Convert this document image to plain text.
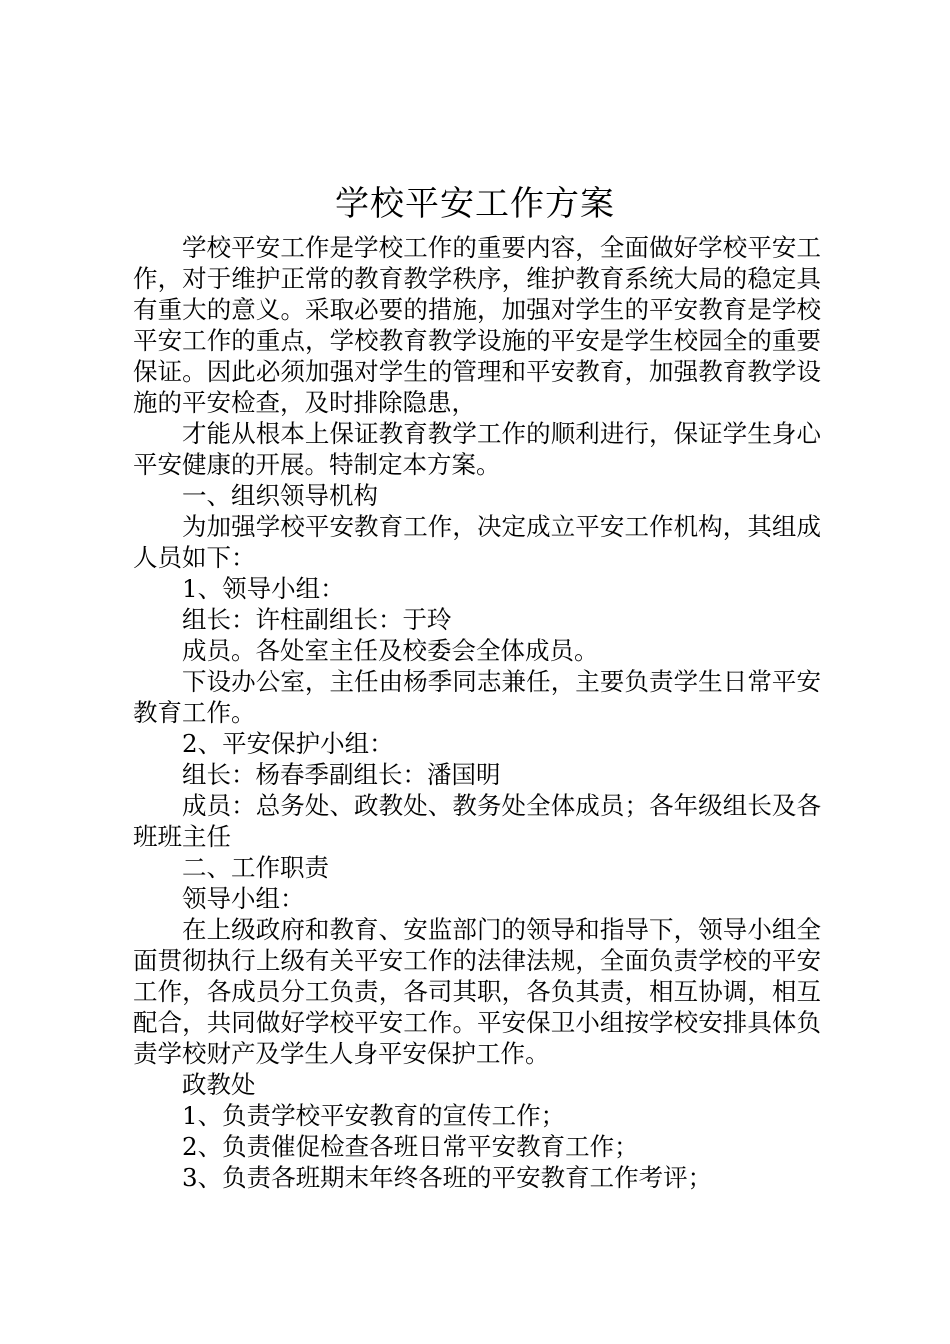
学校平安工作方案

学校平安工作是学校工作的重要内容，全面做好学校平安工作，对于维护正常的教育教学秩序，维护教育系统大局的稳定具有重大的意义。采取必要的措施，加强对学生的平安教育是学校平安工作的重点，学校教育教学设施的平安是学生校园全的重要保证。因此必须加强对学生的管理和平安教育，加强教育教学设施的平安检查，及时排除隐患，

才能从根本上保证教育教学工作的顺利进行，保证学生身心平安健康的开展。特制定本方案。

一、组织领导机构

为加强学校平安教育工作，决定成立平安工作机构，其组成人员如下：

1、领导小组：

组长：许柱副组长：于玲

成员。各处室主任及校委会全体成员。

下设办公室，主任由杨季同志兼任，主要负责学生日常平安教育工作。

2、平安保护小组：

组长：杨春季副组长：潘国明

成员：总务处、政教处、教务处全体成员；各年级组长及各班班主任

二、工作职责

领导小组：

在上级政府和教育、安监部门的领导和指导下，领导小组全面贯彻执行上级有关平安工作的法律法规，全面负责学校的平安工作，各成员分工负责，各司其职，各负其责，相互协调，相互配合，共同做好学校平安工作。平安保卫小组按学校安排具体负责学校财产及学生人身平安保护工作。

政教处

1、负责学校平安教育的宣传工作；

2、负责催促检查各班日常平安教育工作；

3、负责各班期末年终各班的平安教育工作考评；
